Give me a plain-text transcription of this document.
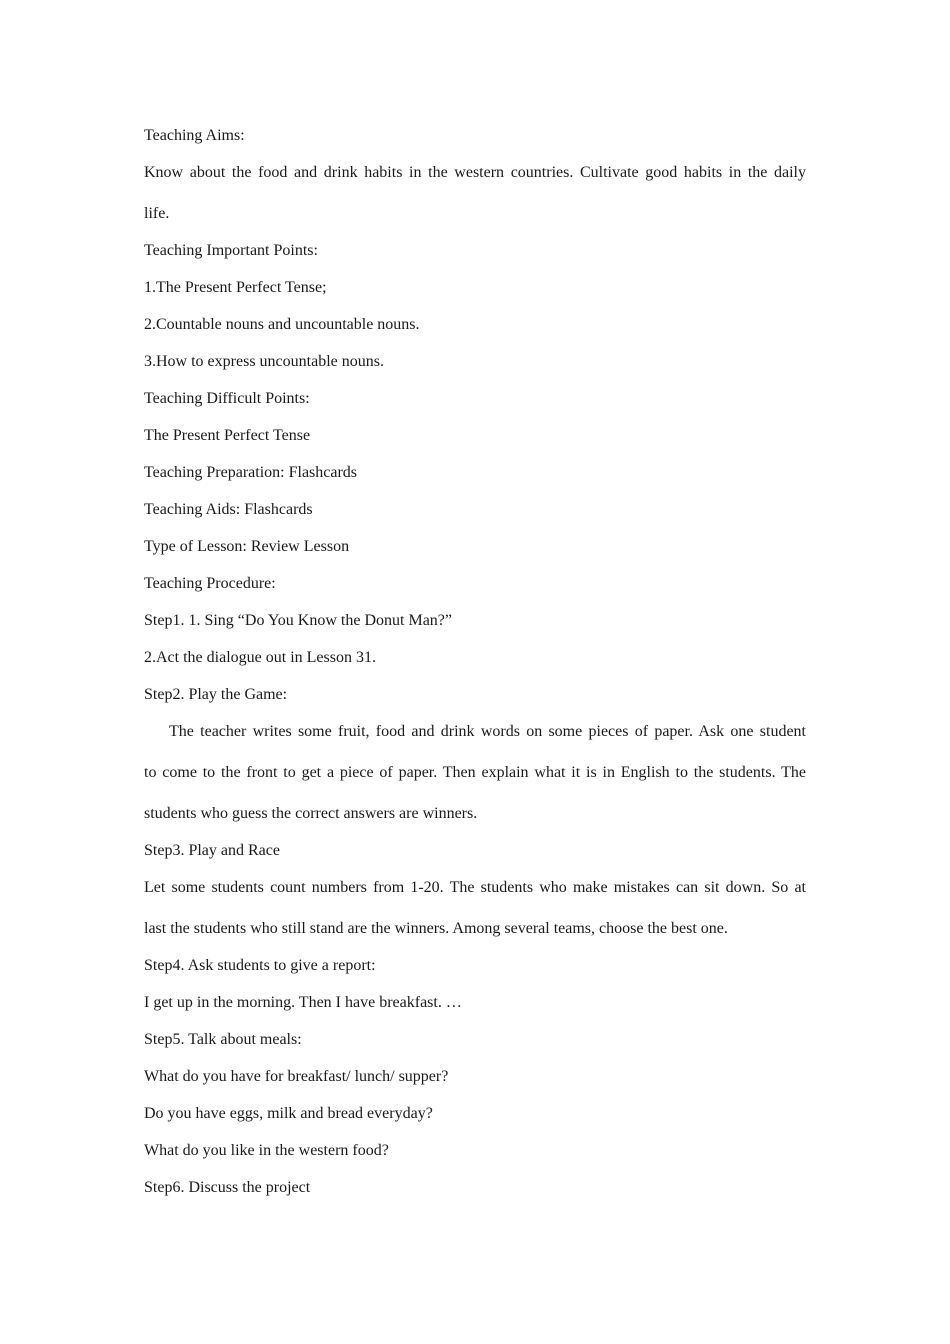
Teaching Aims:
Know about the food and drink habits in the western countries. Cultivate good habits in the daily
life.
Teaching Important Points:
1.The Present Perfect Tense;
2.Countable nouns and uncountable nouns.
3.How to express uncountable nouns.
Teaching Difficult Points:
The Present Perfect Tense
Teaching Preparation: Flashcards
Teaching Aids: Flashcards
Type of Lesson: Review Lesson
Teaching Procedure:
Step1. 1. Sing “Do You Know the Donut Man?”
2.Act the dialogue out in Lesson 31.
Step2. Play the Game:
The teacher writes some fruit, food and drink words on some pieces of paper. Ask one student
to come to the front to get a piece of paper. Then explain what it is in English to the students. The
students who guess the correct answers are winners.
Step3. Play and Race
Let some students count numbers from 1-20. The students who make mistakes can sit down. So at
last the students who still stand are the winners. Among several teams, choose the best one.
Step4. Ask students to give a report:
I get up in the morning. Then I have breakfast. …
Step5. Talk about meals:
What do you have for breakfast/ lunch/ supper?
Do you have eggs, milk and bread everyday?
What do you like in the western food?
Step6. Discuss the project
